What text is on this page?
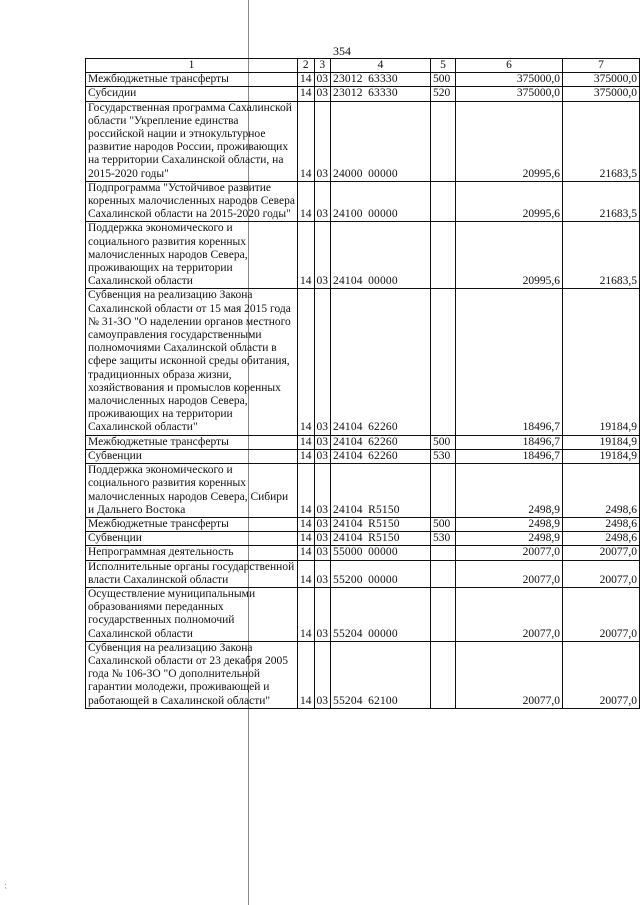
354
1	2	3	4	5	6	7
Межбюджетные трансферты	14	03	23012 63330	500	375000,0	375000,0
Субсидии	14	03	23012 63330	520	375000,0	375000,0
Государственная программа Сахалинской области "Укрепление единства российской нации и этнокультурное развитие народов России, проживающих на территории Сахалинской области, на 2015-2020 годы"	14	03	24000 00000		20995,6	21683,5
Подпрограмма "Устойчивое развитие коренных малочисленных народов Севера Сахалинской области на 2015-2020 годы"	14	03	24100 00000		20995,6	21683,5
Поддержка экономического и социального развития коренных малочисленных народов Севера, проживающих на территории Сахалинской области	14	03	24104 00000		20995,6	21683,5
Субвенция на реализацию Закона Сахалинской области от 15 мая 2015 года № 31-ЗО "О наделении органов местного самоуправления государственными полномочиями Сахалинской области в сфере защиты исконной среды обитания, традиционных образа жизни, хозяйствования и промыслов коренных малочисленных народов Севера, проживающих на территории Сахалинской области"	14	03	24104 62260		18496,7	19184,9
Межбюджетные трансферты	14	03	24104 62260	500	18496,7	19184,9
Субвенции	14	03	24104 62260	530	18496,7	19184,9
Поддержка экономического и социального развития коренных малочисленных народов Севера, Сибири и Дальнего Востока	14	03	24104 R5150		2498,9	2498,6
Межбюджетные трансферты	14	03	24104 R5150	500	2498,9	2498,6
Субвенции	14	03	24104 R5150	530	2498,9	2498,6
Непрограммная деятельность	14	03	55000 00000		20077,0	20077,0
Исполнительные органы государственной власти Сахалинской области	14	03	55200 00000		20077,0	20077,0
Осуществление муниципальными образованиями переданных государственных полномочий Сахалинской области	14	03	55204 00000		20077,0	20077,0
Субвенция на реализацию Закона Сахалинской области от 23 декабря 2005 года № 106-ЗО "О дополнительной гарантии молодежи, проживающей и работающей в Сахалинской области"	14	03	55204 62100		20077,0	20077,0
⁏
